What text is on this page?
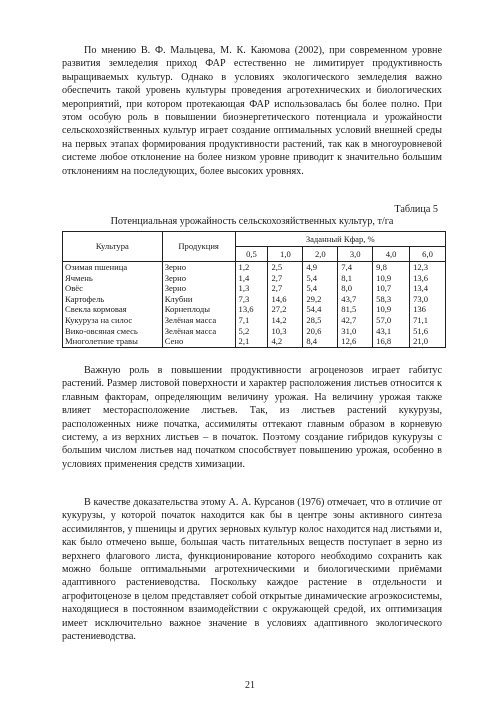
По мнению В. Ф. Мальцева, М. К. Каюмова (2002), при современном уровне развития земледелия приход ФАР естественно не лимитирует продуктивность выращиваемых культур. Однако в условиях экологического земледелия важно обеспечить такой уровень культуры проведения агротехнических и биологических мероприятий, при котором протекающая ФАР использовалась бы более полно. При этом особую роль в повышении биоэнергетического потенциала и урожайности сельскохозяйственных культур играет создание оптимальных условий внешней среды на первых этапах формирования продуктивности растений, так как в многоуровневой системе любое отклонение на более низком уровне приводит к значительно большим отклонениям на последующих, более высоких уровнях.

Таблица 5

Потенциальная урожайность сельскохозяйственных культур, т/га

Культура	Продукция	Заданный Кфар, %					
		0,5	1,0	2,0	3,0	4,0	6,0
Озимая пшеница	Зерно	1,2	2,5	4,9	7,4	9,8	12,3
Ячмень	Зерно	1,4	2,7	5,4	8,1	10,9	13,6
Овёс	Зерно	1,3	2,7	5,4	8,0	10,7	13,4
Картофель	Клубни	7,3	14,6	29,2	43,7	58,3	73,0
Свекла кормовая	Корнеплоды	13,6	27,2	54,4	81,5	10,9	136
Кукуруза на силос	Зелёная масса	7,1	14,2	28,5	42,7	57,0	71,1
Вико-овсяная смесь	Зелёная масса	5,2	10,3	20,6	31,0	43,1	51,6
Многолетние травы	Сено	2,1	4,2	8,4	12,6	16,8	21,0

Важную роль в повышении продуктивности агроценозов играет габитус растений. Размер листовой поверхности и характер расположения листьев относится к главным факторам, определяющим величину урожая. На величину урожая также влияет месторасположение листьев. Так, из листьев растений кукурузы, расположенных ниже початка, ассимиляты оттекают главным образом в корневую систему, а из верхних листьев – в початок. Поэтому создание гибридов кукурузы с большим числом листьев над початком способствует повышению урожая, особенно в условиях применения средств химизации.

В качестве доказательства этому А. А. Курсанов (1976) отмечает, что в отличие от кукурузы, у которой початок находится как бы в центре зоны активного синтеза ассимилянтов, у пшеницы и других зерновых культур колос находится над листьями и, как было отмечено выше, большая часть питательных веществ поступает в зерно из верхнего флагового листа, функционирование которого необходимо сохранить как можно больше оптимальными агротехническими и биологическими приёмами адаптивного растениеводства. Поскольку каждое растение в отдельности и агрофитоценозе в целом представляет собой открытые динамические агроэкосистемы, находящиеся в постоянном взаимодействии с окружающей средой, их оптимизация имеет исключительно важное значение в условиях адаптивного экологического растениеводства.

21
